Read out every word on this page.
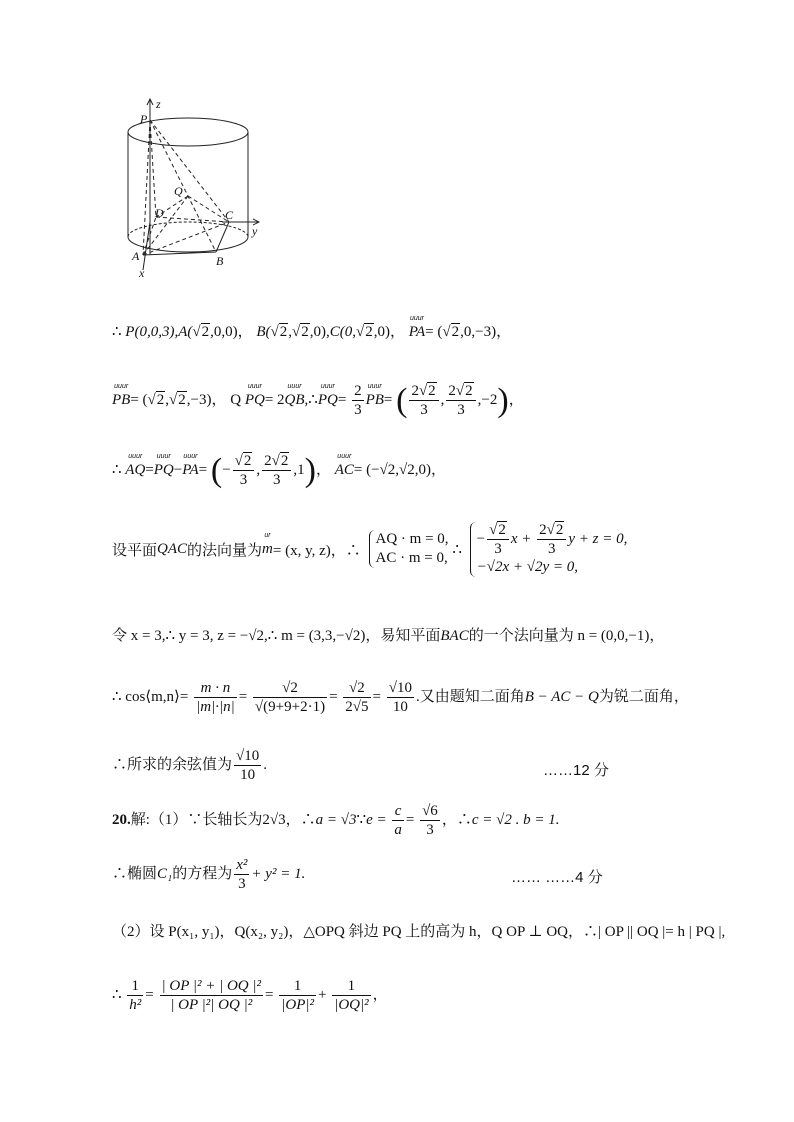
z
P
Q
D	C
y
A	B
x
∴ P(0,0,3),A(√2,0,0)， B(√2,√2,0),C(0,√2,0)，
uuur
PA= (√2,0,−3)，
uuur
PB= (√2,√2,−3)， Q
uuur
PQ= 2
uuur
QB,∴
uuur
$PQ= \frac{2}{3}$ uuur
PB= ( $\frac{2√2}{3}$ , $\frac{2√2}{3} ,-2$)，
∴
uuur
AQ=
uuur
PQ−
uuur
PA= (− $\frac{√2}{3}$ , $\frac{2√2}{3} ,1$)，
uuur
AC= (−√2,√2,0)，
设平面QAC的法向量为
ur
m= (x, y, z)，∴
AQ · m = 0,
AC · m = 0,
∴
− $\frac{√2}{3}$ $x + \frac{2√2}{3}$ y + z = 0,
−√2x + √2y = 0,
令 x = 3,∴ y = 3, z = −√2,∴ m = (3,3,−√2)，易知平面BAC的一个法向量为 n = (0,0,−1)，
∴ cos⟨m,n⟩= $\frac{m \cdot n}{|m|\cdot|n|} = \frac{√2}{√(9+9+2\cdot 1)} = \frac{√2}{2√5} = \frac{√10}{10}$ .又由题知二面角B − AC − Q为锐二面角，
∴所求的余弦值为 $\frac{√10}{10}$ .	……12 分
20.解:（1）∵长轴长为2√3，∴a = √3∵e = $\frac{c}{a} = \frac{√6}{3}$ ，∴c = √2 . b = 1.
∴椭圆C₁的方程为 $\frac{\text{x²}}{3} + y^2 = 1$.	…… ……4 分
（2）设 P(x₁, y₁)，Q(x₂, y₂)，△OPQ 斜边 PQ 上的高为 h，Q OP ⊥ OQ，∴| OP || OQ |= h | PQ |,
∴ $\frac{1}{\text{h²}} = \frac{\text{| OP |² + | OQ |²}}{\text{| OP |²| OQ |²}} = \frac{1}{\text{|OP|²}} + \frac{1}{\text{|OQ|²}}$ ，
